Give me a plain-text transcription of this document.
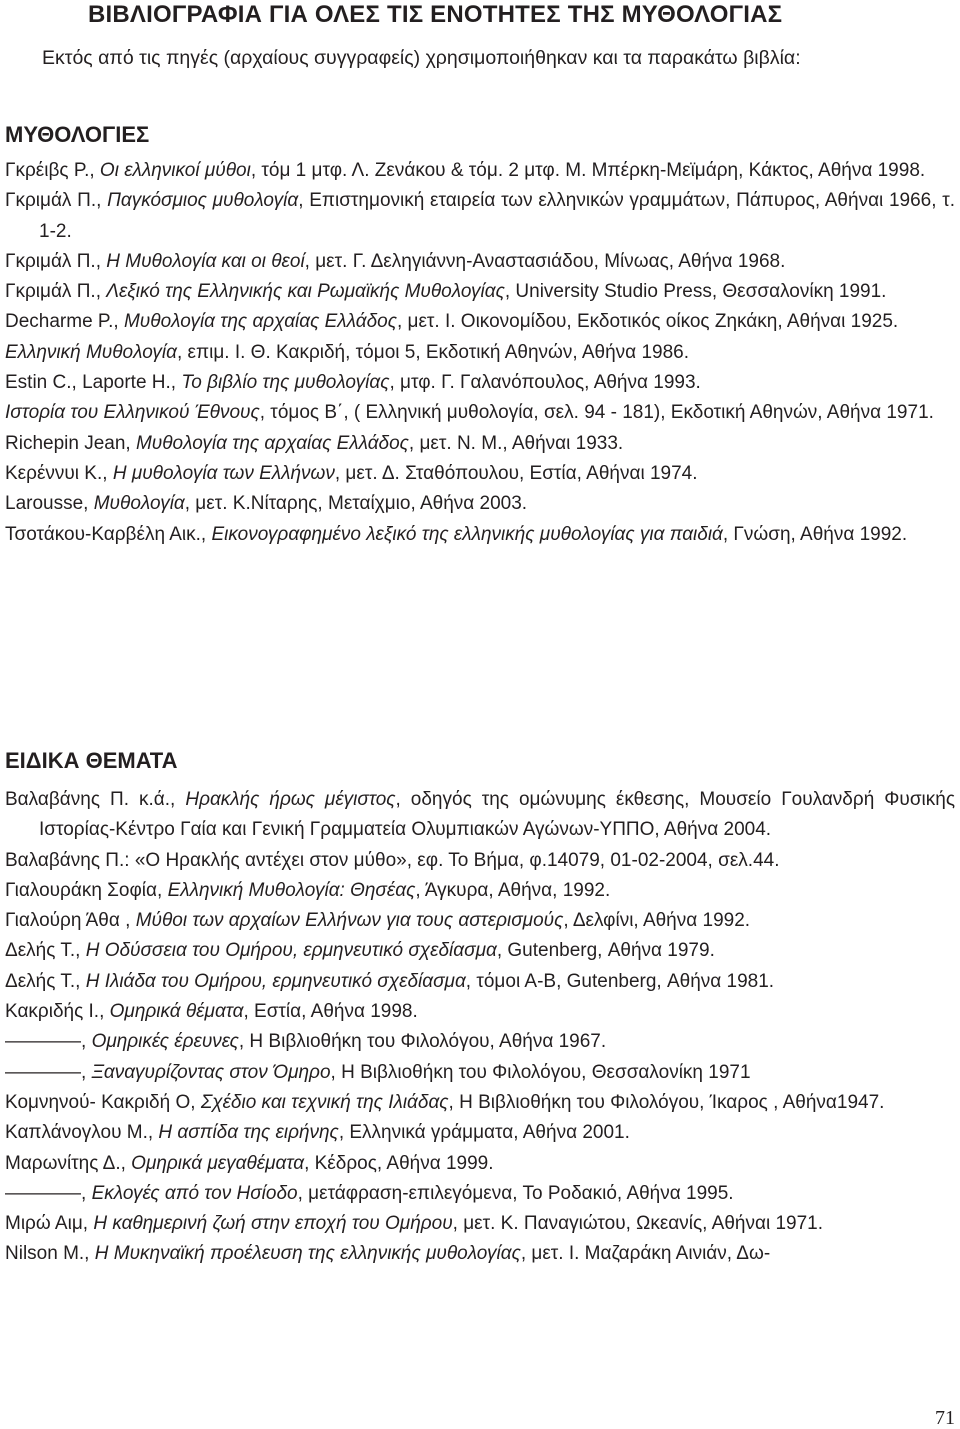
ΒΙΒΛΙΟΓΡΑΦΙΑ ΓΙΑ ΟΛΕΣ ΤΙΣ ΕΝΟΤΗΤΕΣ ΤΗΣ ΜΥΘΟΛΟΓΙΑΣ

Εκτός από τις πηγές (αρχαίους συγγραφείς) χρησιμοποιήθηκαν και τα παρακάτω βιβλία:

ΜΥΘΟΛΟΓΙΕΣ
Γκρέιβς Ρ., Οι ελληνικοί μύθοι, τόμ 1 μτφ. Λ. Ζενάκου & τόμ. 2 μτφ. Μ. Μπέρκη-Μεϊμάρη, Κάκτος, Αθήνα 1998.
Γκριμάλ Π., Παγκόσμιος μυθολογία, Επιστημονική εταιρεία των ελληνικών γραμμάτων, Πάπυρος, Αθήναι 1966, τ. 1-2.
Γκριμάλ Π., Η Μυθολογία και οι θεοί, μετ. Γ. Δεληγιάννη-Αναστασιάδου, Μίνωας, Αθήνα 1968.
Γκριμάλ Π., Λεξικό της Ελληνικής και Ρωμαϊκής Μυθολογίας, University Studio Press, Θεσσαλονίκη 1991.
Decharme P., Μυθολογία της αρχαίας Ελλάδος, μετ. Ι. Οικονομίδου, Εκδοτικός οίκος Ζηκάκη, Αθήναι 1925.
Ελληνική Μυθολογία, επιμ. Ι. Θ. Κακριδή, τόμοι 5, Εκδοτική Αθηνών, Αθήνα 1986.
Estin C., Laporte H., Το βιβλίο της μυθολογίας, μτφ. Γ. Γαλανόπουλος, Αθήνα 1993.
Ιστορία του Ελληνικού Έθνους, τόμος Β΄, ( Ελληνική μυθολογία, σελ. 94 - 181), Εκδοτική Αθηνών, Αθήνα 1971.
Richepin Jean, Μυθολογία της αρχαίας Ελλάδος, μετ. Ν. Μ., Αθήναι 1933.
Κερέννυι Κ., Η μυθολογία των Ελλήνων, μετ. Δ. Σταθόπουλου, Εστία, Αθήναι 1974.
Larousse, Μυθολογία, μετ. Κ.Νίταρης, Μεταίχμιο, Αθήνα 2003.
Τσοτάκου-Καρβέλη Αικ., Εικονογραφημένο λεξικό της ελληνικής μυθολογίας για παιδιά, Γνώση, Αθήνα 1992.
ΕΙΔΙΚΑ ΘΕΜΑΤΑ
Βαλαβάνης Π. κ.ά., Ηρακλής ήρως μέγιστος, οδηγός της ομώνυμης έκθεσης, Μουσείο Γουλανδρή Φυσικής Ιστορίας-Κέντρο Γαία και Γενική Γραμματεία Ολυμπιακών Αγώνων-ΥΠΠΟ, Αθήνα 2004.
Βαλαβάνης Π.: «Ο Ηρακλής αντέχει στον μύθο», εφ. Το Βήμα, φ.14079, 01-02-2004, σελ.44.
Γιαλουράκη Σοφία, Ελληνική Μυθολογία: Θησέας, Άγκυρα, Αθήνα, 1992.
Γιαλούρη Άθα , Μύθοι των αρχαίων Ελλήνων για τους αστερισμούς, Δελφίνι, Αθήνα 1992.
Δελής Τ., Η Οδύσσεια του Ομήρου, ερμηνευτικό σχεδίασμα, Gutenberg, Αθήνα 1979.
Δελής Τ., Η Ιλιάδα του Ομήρου, ερμηνευτικό σχεδίασμα, τόμοι Α-Β, Gutenberg, Αθήνα 1981.
Κακριδής Ι., Ομηρικά θέματα, Εστία, Αθήνα 1998.
————, Ομηρικές έρευνες, Η Βιβλιοθήκη του Φιλολόγου, Αθήνα 1967.
————, Ξαναγυρίζοντας στον Όμηρο, Η Βιβλιοθήκη του Φιλολόγου, Θεσσαλονίκη 1971
Κομνηνού- Κακριδή Ο, Σχέδιο και τεχνική της Ιλιάδας, Η Βιβλιοθήκη του Φιλολόγου, Ίκαρος , Αθήνα1947.
Καπλάνογλου Μ., Η ασπίδα της ειρήνης, Ελληνικά γράμματα, Αθήνα 2001.
Μαρωνίτης Δ., Ομηρικά μεγαθέματα, Κέδρος, Αθήνα 1999.
————, Εκλογές από τον Ησίοδο, μετάφραση-επιλεγόμενα, Το Ροδακιό, Αθήνα 1995.
Μιρώ Αιμ, Η καθημερινή ζωή στην εποχή του Ομήρου, μετ. Κ. Παναγιώτου, Ωκεανίς, Αθήναι 1971.
Nilson M., Η Μυκηναϊκή προέλευση της ελληνικής μυθολογίας, μετ. Ι. Μαζαράκη Αινιάν, Δω-
71
